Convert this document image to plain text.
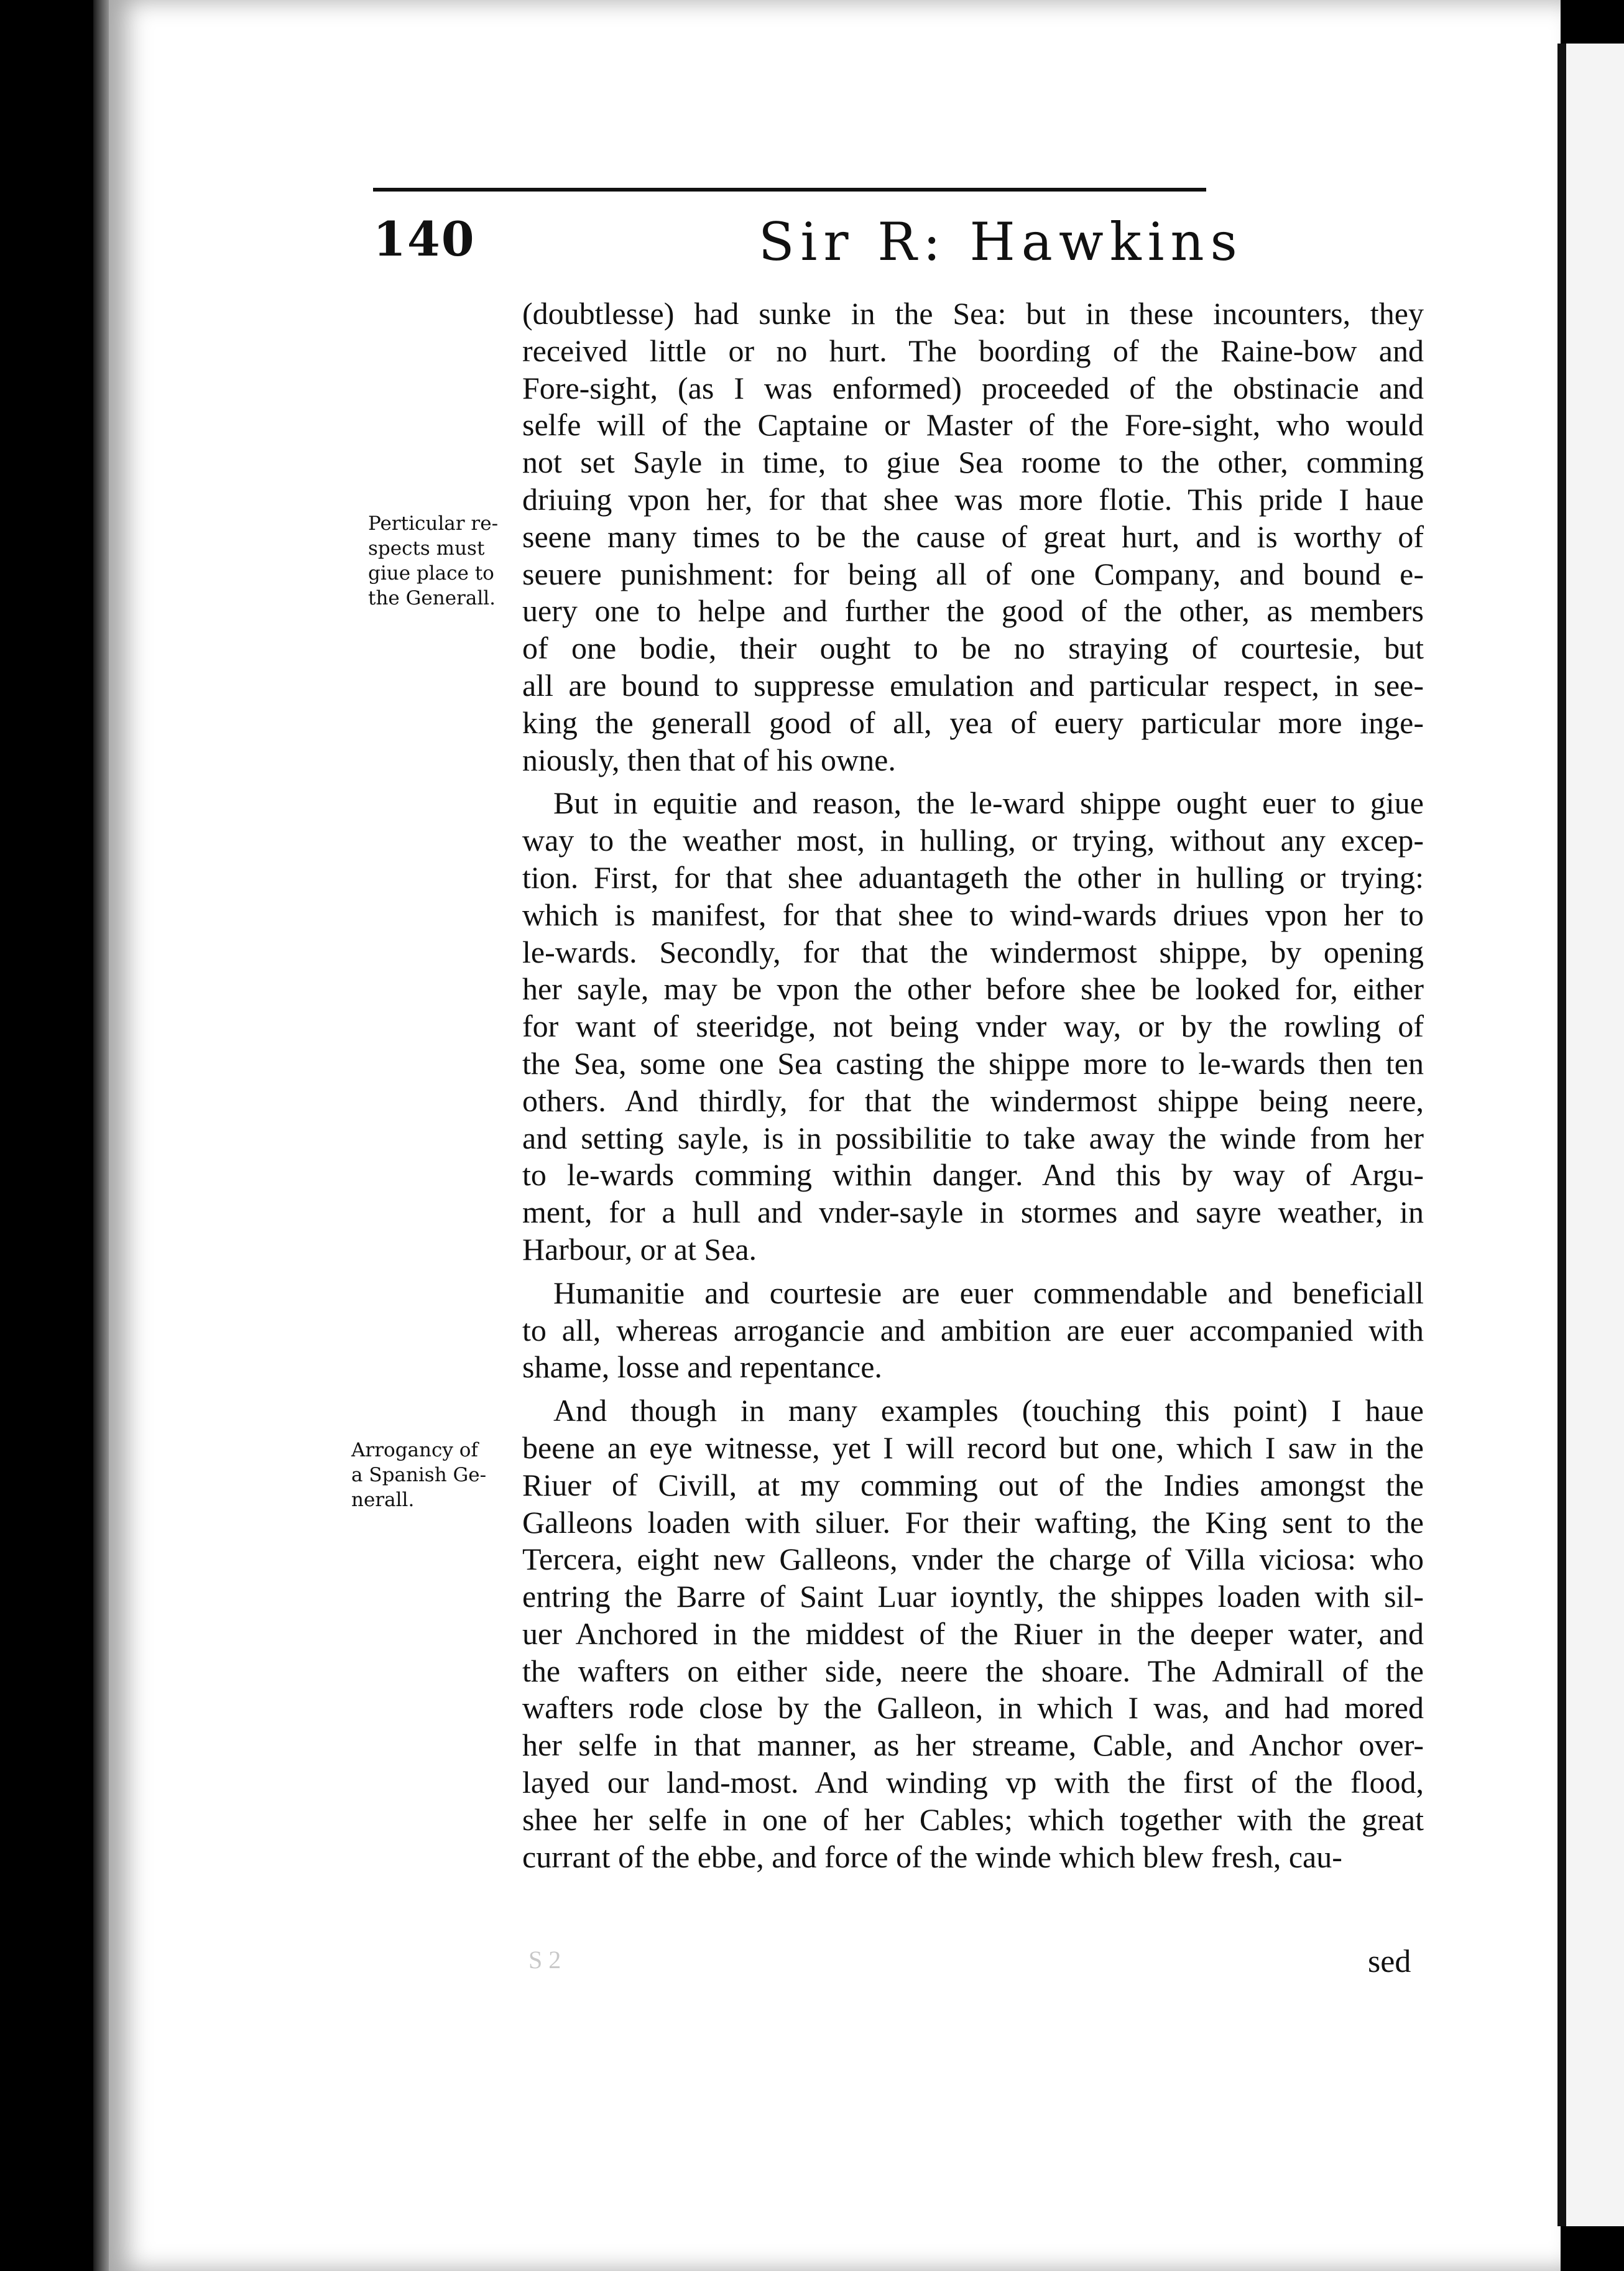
140	Sir R: Hawkins
Perticular re-
spects must
giue place to
the Generall.
Arrogancy of
a Spanish Ge-
nerall.
(doubtlesse) had sunke in the Sea: but in these incounters, they
received little or no hurt. The boording of the Raine-bow and
Fore-sight, (as I was enformed) proceeded of the obstinacie and
selfe will of the Captaine or Master of the Fore-sight, who would
not set Sayle in time, to giue Sea roome to the other, comming
driuing vpon her, for that shee was more flotie. This pride I haue
seene many times to be the cause of great hurt, and is worthy of
seuere punishment: for being all of one Company, and bound e-
uery one to helpe and further the good of the other, as members
of one bodie, their ought to be no straying of courtesie, but
all are bound to suppresse emulation and particular respect, in see-
king the generall good of all, yea of euery particular more inge-
niously, then that of his owne.
But in equitie and reason, the le-ward shippe ought euer to giue
way to the weather most, in hulling, or trying, without any excep-
tion. First, for that shee aduantageth the other in hulling or trying:
which is manifest, for that shee to wind-wards driues vpon her to
le-wards. Secondly, for that the windermost shippe, by opening
her sayle, may be vpon the other before shee be looked for, either
for want of steeridge, not being vnder way, or by the rowling of
the Sea, some one Sea casting the shippe more to le-wards then ten
others. And thirdly, for that the windermost shippe being neere,
and setting sayle, is in possibilitie to take away the winde from her
to le-wards comming within danger. And this by way of Argu-
ment, for a hull and vnder-sayle in stormes and sayre weather, in
Harbour, or at Sea.
Humanitie and courtesie are euer commendable and beneficiall
to all, whereas arrogancie and ambition are euer accompanied with
shame, losse and repentance.
And though in many examples (touching this point) I haue
beene an eye witnesse, yet I will record but one, which I saw in the
Riuer of Civill, at my comming out of the Indies amongst the
Galleons loaden with siluer. For their wafting, the King sent to the
Tercera, eight new Galleons, vnder the charge of Villa viciosa: who
entring the Barre of Saint Luar ioyntly, the shippes loaden with sil-
uer Anchored in the middest of the Riuer in the deeper water, and
the wafters on either side, neere the shoare. The Admirall of the
wafters rode close by the Galleon, in which I was, and had mored
her selfe in that manner, as her streame, Cable, and Anchor over-
layed our land-most. And winding vp with the first of the flood,
shee her selfe in one of her Cables; which together with the great
currant of the ebbe, and force of the winde which blew fresh, cau-
S 2	sed
